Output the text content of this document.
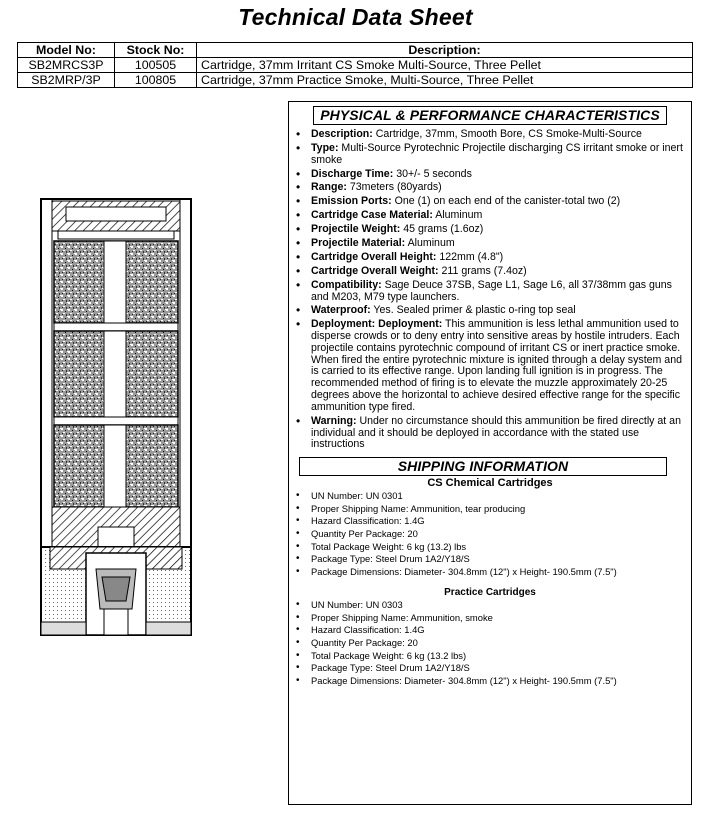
Technical Data Sheet
Model No:	Stock No:	Description:
SB2MRCS3P	100505	Cartridge, 37mm Irritant CS Smoke Multi-Source, Three Pellet
SB2MRP/3P	100805	Cartridge, 37mm Practice Smoke, Multi-Source, Three Pellet
PHYSICAL & PERFORMANCE CHARACTERISTICS
• Description: Cartridge, 37mm, Smooth Bore, CS Smoke-Multi-Source
• Type: Multi-Source Pyrotechnic Projectile discharging CS irritant smoke or inert smoke
• Discharge Time: 30+/- 5 seconds
• Range: 73meters (80yards)
• Emission Ports: One (1) on each end of the canister-total two (2)
• Cartridge Case Material: Aluminum
• Projectile Weight: 45 grams (1.6oz)
• Projectile Material: Aluminum
• Cartridge Overall Height: 122mm (4.8")
• Cartridge Overall Weight: 211 grams (7.4oz)
• Compatibility: Sage Deuce 37SB, Sage L1, Sage L6, all 37/38mm gas guns and M203, M79 type launchers.
• Waterproof: Yes. Sealed primer & plastic o-ring top seal
• Deployment: Deployment: This ammunition is less lethal ammunition used to disperse crowds or to deny entry into sensitive areas by hostile intruders. Each projectile contains pyrotechnic compound of irritant CS or inert practice smoke. When fired the entire pyrotechnic mixture is ignited through a delay system and is carried to its effective range. Upon landing full ignition is in progress. The recommended method of firing is to elevate the muzzle approximately 20-25 degrees above the horizontal to achieve desired effective range for the specific ammunition type fired.
• Warning: Under no circumstance should this ammunition be fired directly at an individual and it should be deployed in accordance with the stated use instructions
SHIPPING INFORMATION
CS Chemical Cartridges
• UN Number: UN 0301
• Proper Shipping Name: Ammunition, tear producing
• Hazard Classification: 1.4G
• Quantity Per Package: 20
• Total Package Weight: 6 kg (13.2) lbs
• Package Type: Steel Drum 1A2/Y18/S
• Package Dimensions: Diameter- 304.8mm (12") x Height- 190.5mm (7.5")
Practice Cartridges
• UN Number: UN 0303
• Proper Shipping Name: Ammunition, smoke
• Hazard Classification: 1.4G
• Quantity Per Package: 20
• Total Package Weight: 6 kg (13.2 lbs)
• Package Type: Steel Drum 1A2/Y18/S
• Package Dimensions: Diameter- 304.8mm (12") x Height- 190.5mm (7.5")
